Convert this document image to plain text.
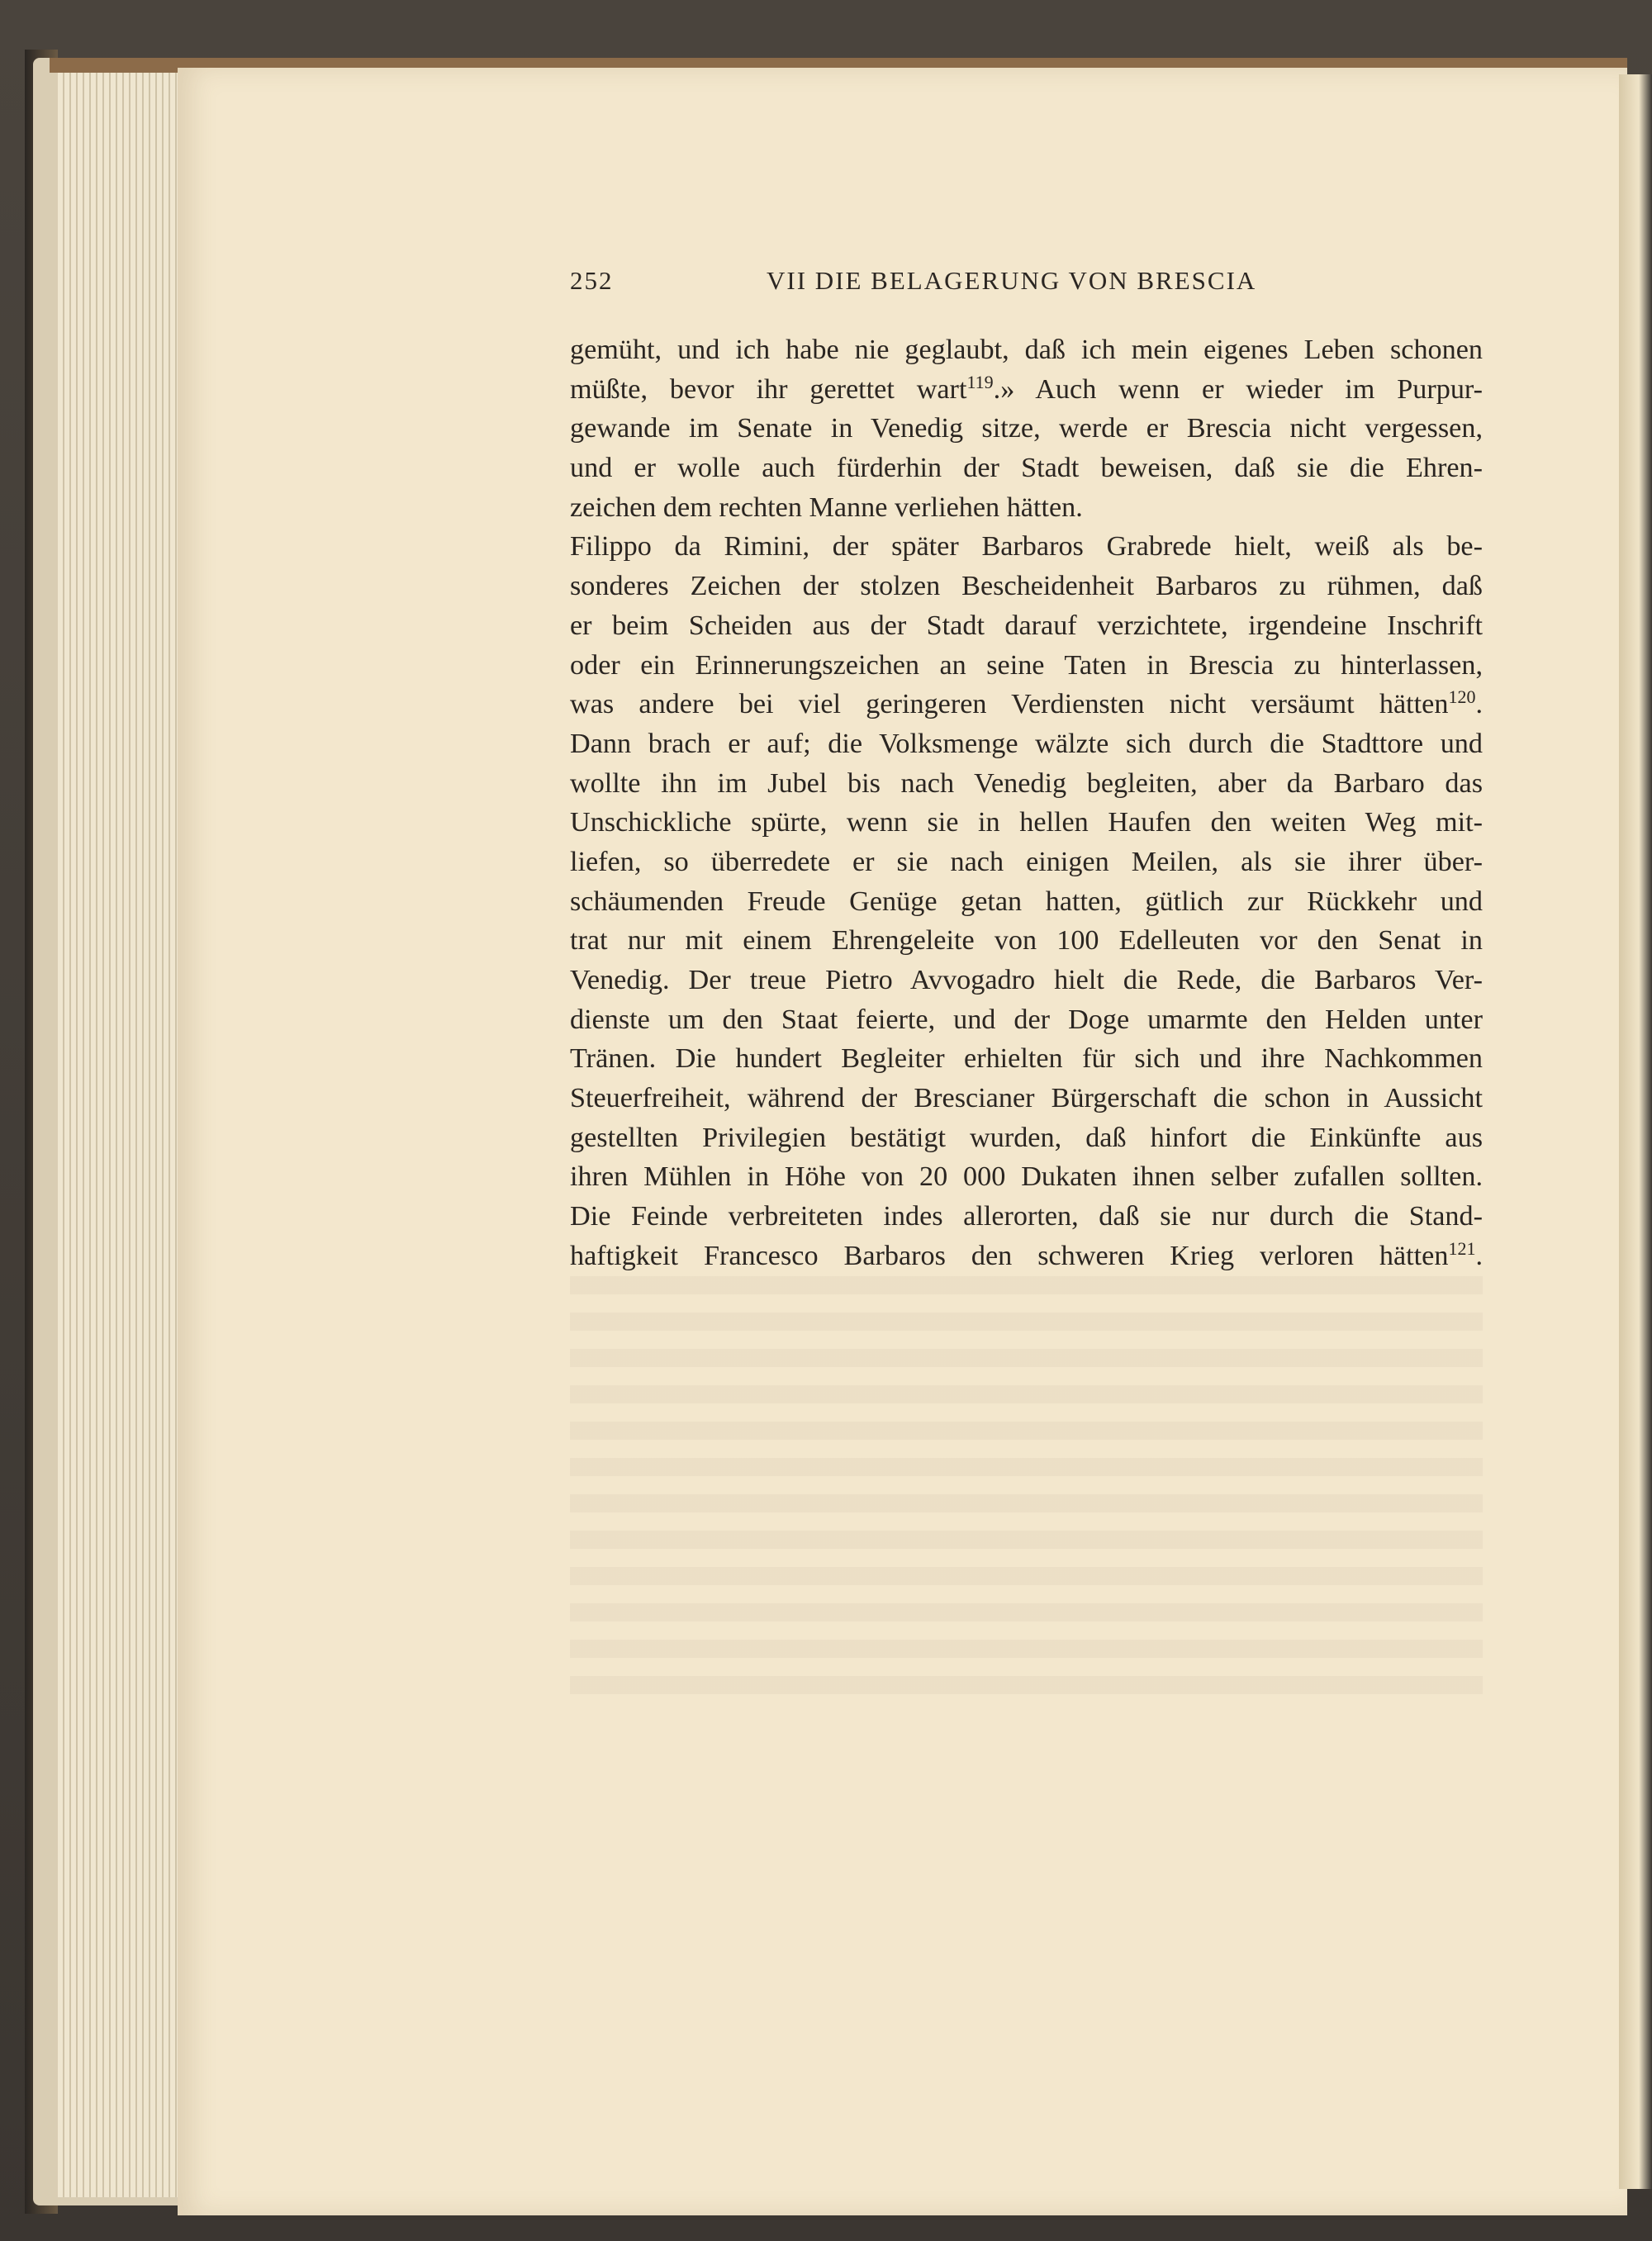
252	VII DIE BELAGERUNG VON BRESCIA
gemüht, und ich habe nie geglaubt, daß ich mein eigenes Leben schonen
müßte, bevor ihr gerettet wart$^{119}$.» Auch wenn er wieder im Purpur-
gewande im Senate in Venedig sitze, werde er Brescia nicht vergessen,
und er wolle auch fürderhin der Stadt beweisen, daß sie die Ehren-
zeichen dem rechten Manne verliehen hätten.
Filippo da Rimini, der später Barbaros Grabrede hielt, weiß als be-
sonderes Zeichen der stolzen Bescheidenheit Barbaros zu rühmen, daß
er beim Scheiden aus der Stadt darauf verzichtete, irgendeine Inschrift
oder ein Erinnerungszeichen an seine Taten in Brescia zu hinterlassen,
was andere bei viel geringeren Verdiensten nicht versäumt hätten$^{120}$.
Dann brach er auf; die Volksmenge wälzte sich durch die Stadttore und
wollte ihn im Jubel bis nach Venedig begleiten, aber da Barbaro das
Unschickliche spürte, wenn sie in hellen Haufen den weiten Weg mit-
liefen, so überredete er sie nach einigen Meilen, als sie ihrer über-
schäumenden Freude Genüge getan hatten, gütlich zur Rückkehr und
trat nur mit einem Ehrengeleite von 100 Edelleuten vor den Senat in
Venedig. Der treue Pietro Avvogadro hielt die Rede, die Barbaros Ver-
dienste um den Staat feierte, und der Doge umarmte den Helden unter
Tränen. Die hundert Begleiter erhielten für sich und ihre Nachkommen
Steuerfreiheit, während der Brescianer Bürgerschaft die schon in Aussicht
gestellten Privilegien bestätigt wurden, daß hinfort die Einkünfte aus
ihren Mühlen in Höhe von 20 000 Dukaten ihnen selber zufallen sollten.
Die Feinde verbreiteten indes allerorten, daß sie nur durch die Stand-
haftigkeit Francesco Barbaros den schweren Krieg verloren hätten$^{121}$.
